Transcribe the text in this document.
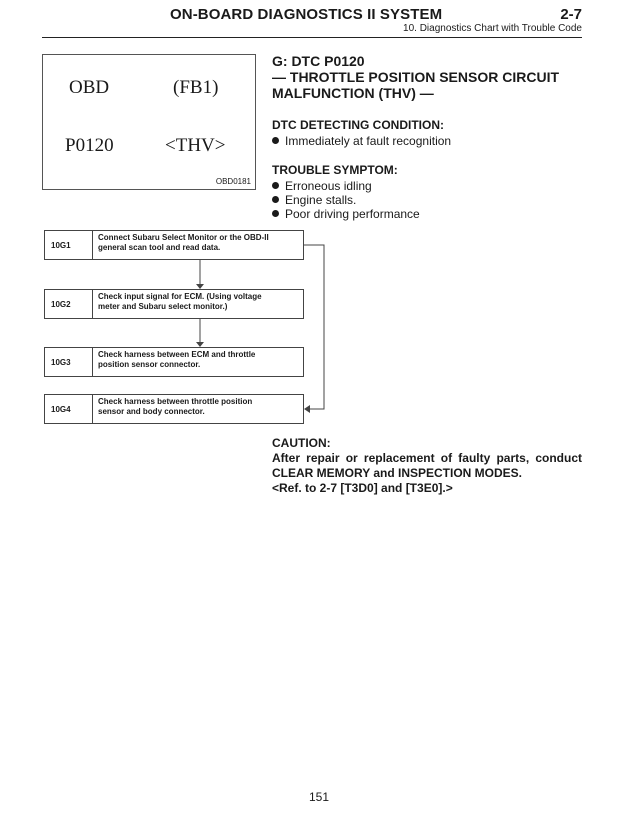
ON-BOARD DIAGNOSTICS II SYSTEM	2-7
10. Diagnostics Chart with Trouble Code
OBD	(FB1)
P0120	<THV>
OBD0181
G: DTC P0120
— THROTTLE POSITION SENSOR CIRCUIT
MALFUNCTION (THV) —
DTC DETECTING CONDITION:
Immediately at fault recognition
TROUBLE SYMPTOM:
Erroneous idling
Engine stalls.
Poor driving performance
10G1
Connect Subaru Select Monitor or the OBD-II
general scan tool and read data.
10G2
Check input signal for ECM. (Using voltage
meter and Subaru select monitor.)
10G3
Check harness between ECM and throttle
position sensor connector.
10G4
Check harness between throttle position
sensor and body connector.
CAUTION:
After repair or replacement of faulty parts, conduct
CLEAR MEMORY and INSPECTION MODES.
<Ref. to 2-7 [T3D0] and [T3E0].>
151
